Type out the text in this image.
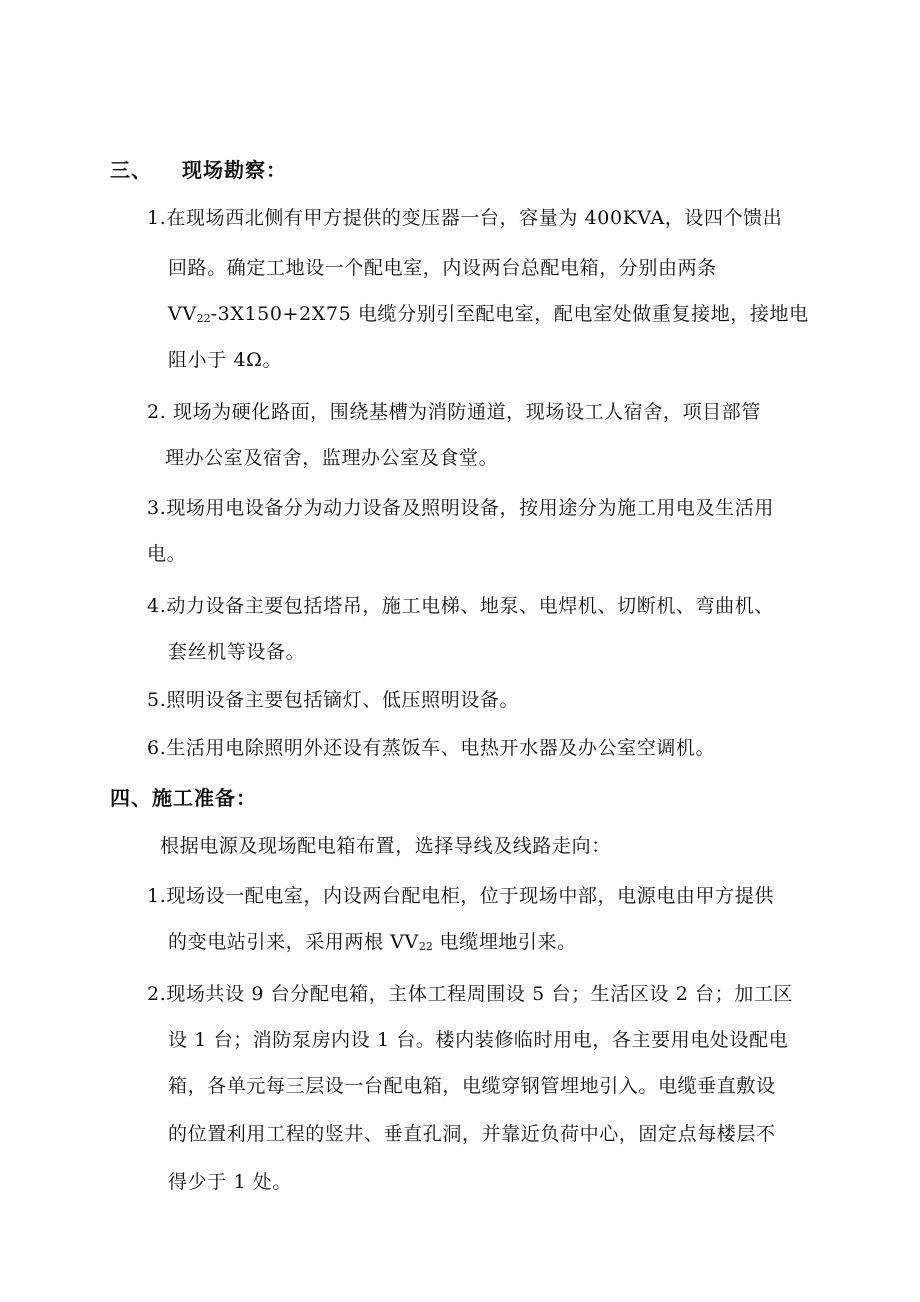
三、 现场勘察：
1.在现场西北侧有甲方提供的变压器一台，容量为 400KVA，设四个馈出
回路。确定工地设一个配电室，内设两台总配电箱，分别由两条
$VV_{22}-3X150+2X75$ 电缆分别引至配电室，配电室处做重复接地，接地电
阻小于 4Ω。
2. 现场为硬化路面，围绕基槽为消防通道，现场设工人宿舍，项目部管
理办公室及宿舍，监理办公室及食堂。
3.现场用电设备分为动力设备及照明设备，按用途分为施工用电及生活用
电。
4.动力设备主要包括塔吊，施工电梯、地泵、电焊机、切断机、弯曲机、
套丝机等设备。
5.照明设备主要包括镝灯、低压照明设备。
6.生活用电除照明外还设有蒸饭车、电热开水器及办公室空调机。
四、施工准备：
根据电源及现场配电箱布置，选择导线及线路走向：
1.现场设一配电室，内设两台配电柜，位于现场中部，电源电由甲方提供
的变电站引来，采用两根 $VV_{22}$ 电缆埋地引来。
2.现场共设 9 台分配电箱，主体工程周围设 5 台；生活区设 2 台；加工区
设 1 台；消防泵房内设 1 台。楼内装修临时用电，各主要用电处设配电
箱，各单元每三层设一台配电箱，电缆穿钢管埋地引入。电缆垂直敷设
的位置利用工程的竖井、垂直孔洞，并靠近负荷中心，固定点每楼层不
得少于 1 处。
